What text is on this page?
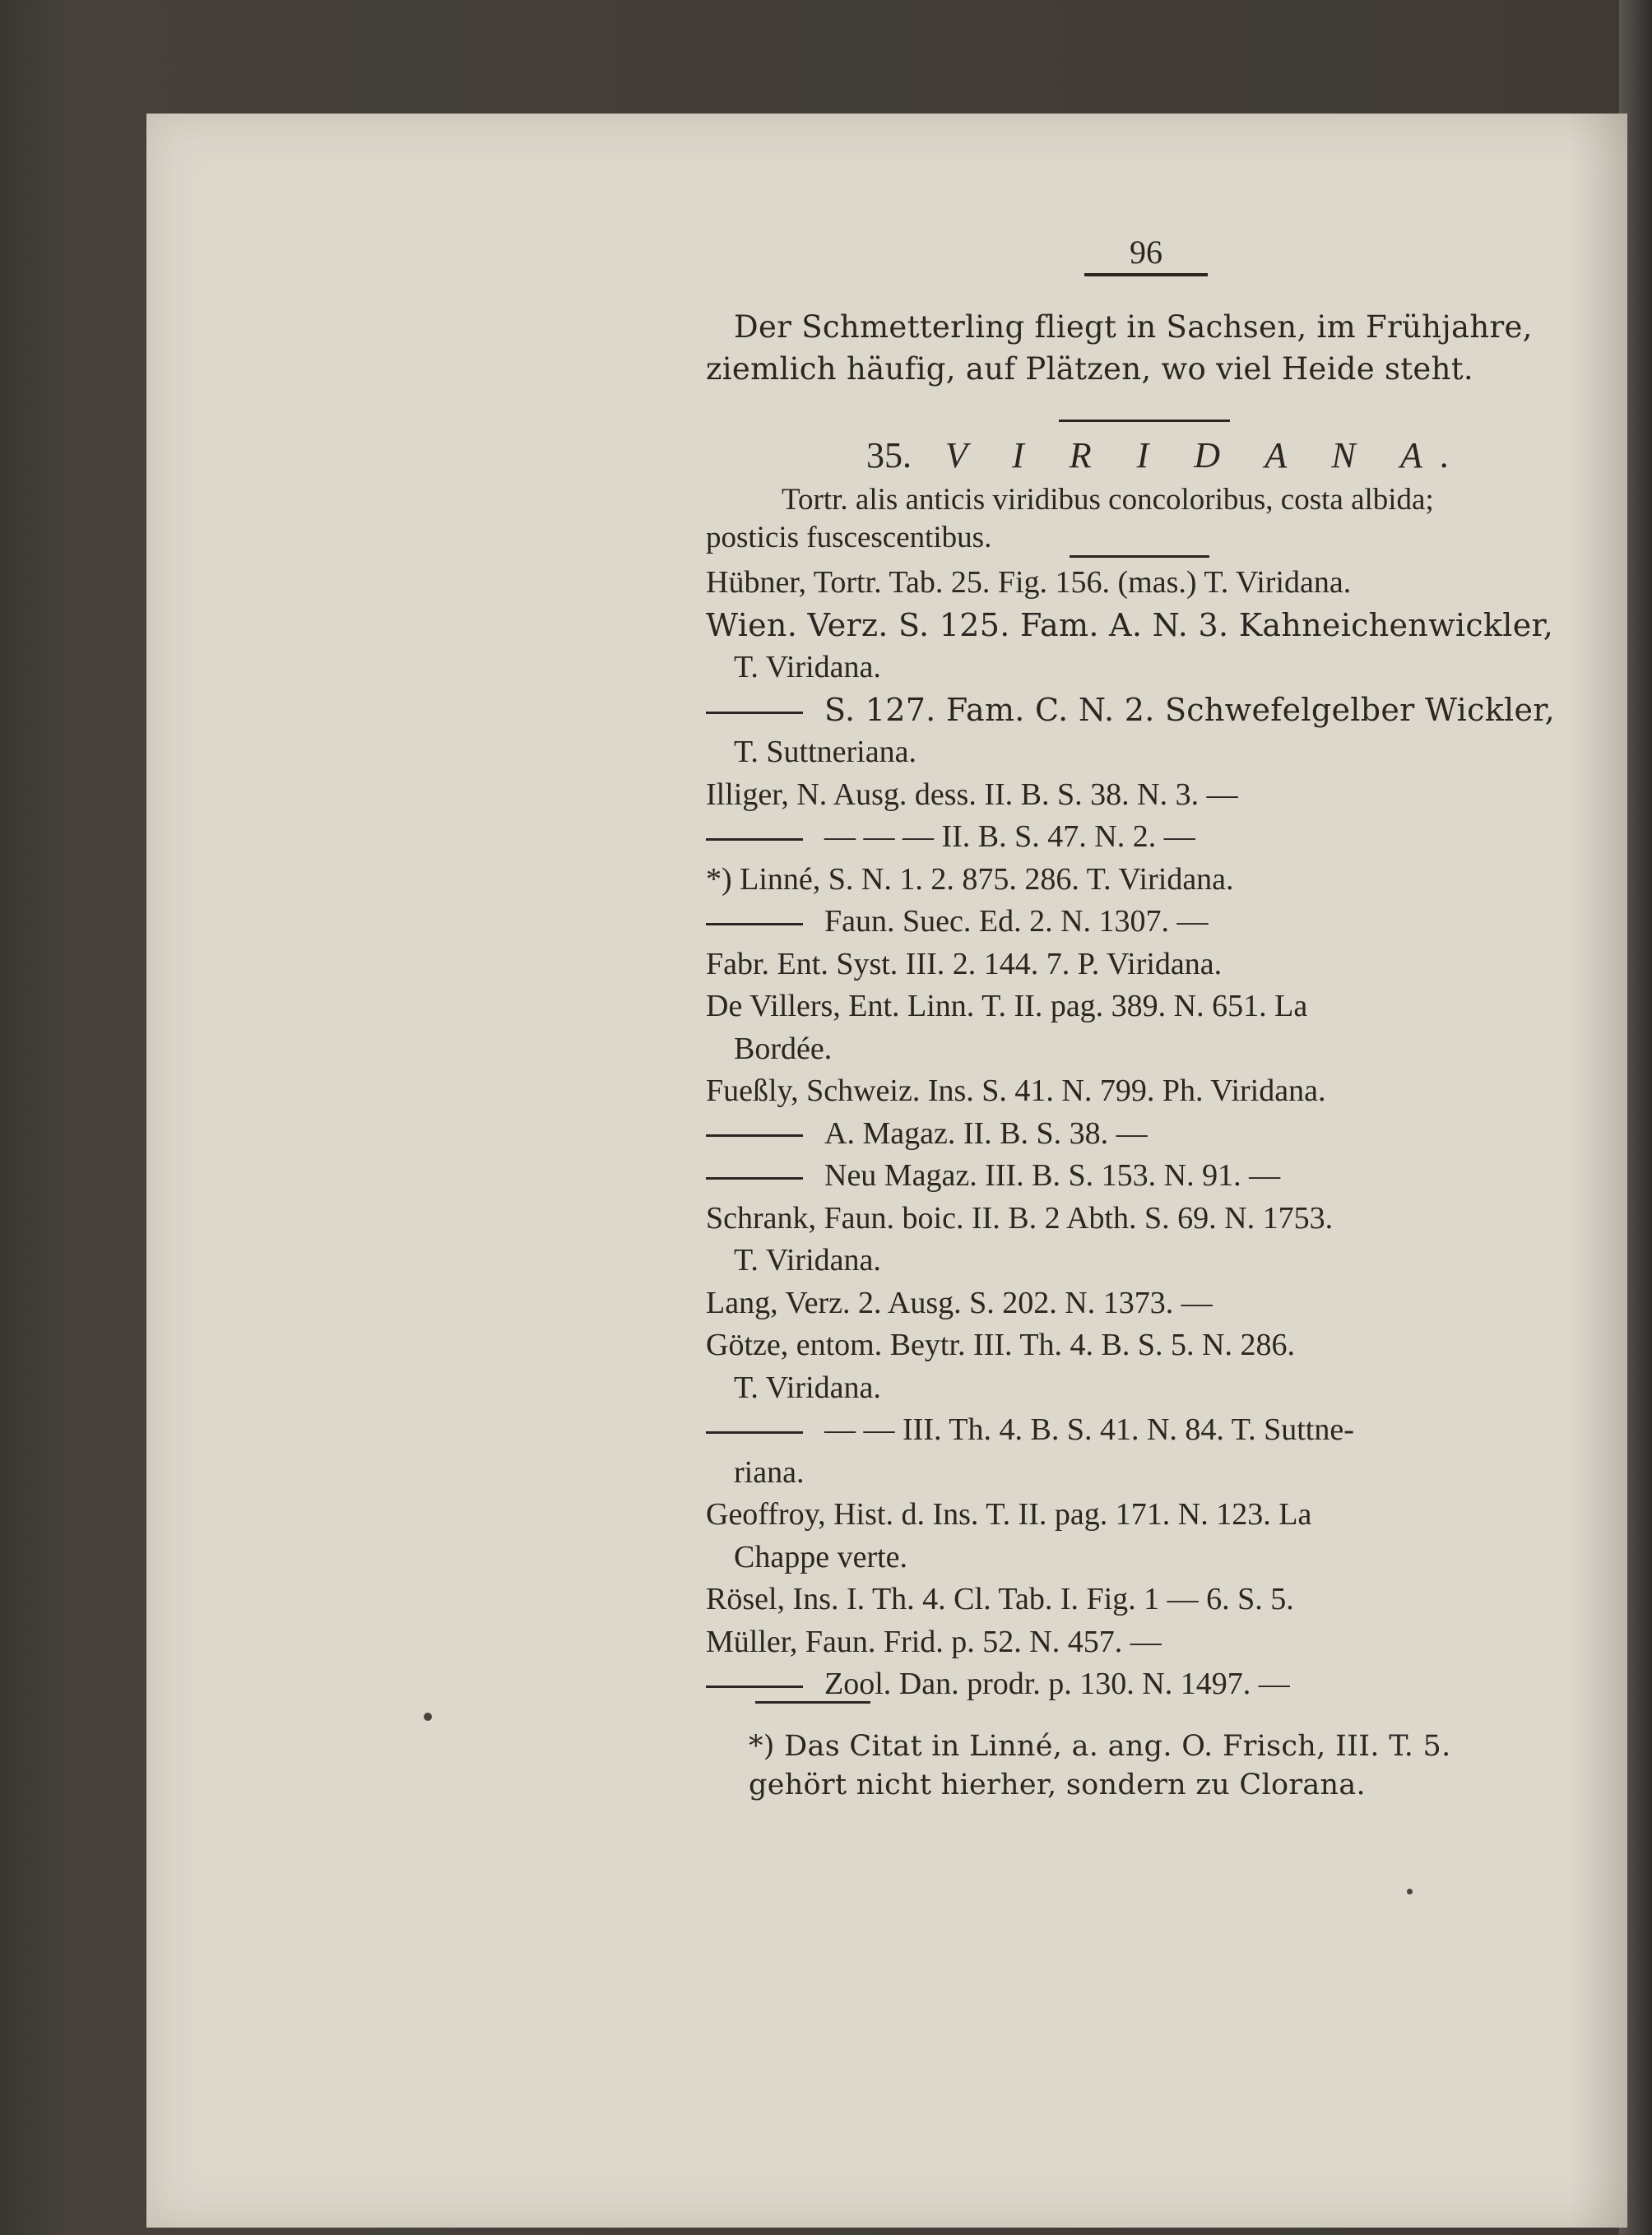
96
Der Schmetterling fliegt in Sachsen, im Frühjahre,
ziemlich häufig, auf Plätzen, wo viel Heide steht.
35. V I R I D A N A.
Tortr. alis anticis viridibus concoloribus, costa albida;
posticis fuscescentibus.
Hübner, Tortr. Tab. 25. Fig. 156. (mas.) T. Viridana.
Wien. Verz. S. 125. Fam. A. N. 3. Kahneichenwickler,
T. Viridana.
S. 127. Fam. C. N. 2. Schwefelgelber Wickler,
T. Suttneriana.
Illiger, N. Ausg. dess. II. B. S. 38. N. 3. —
— — — II. B. S. 47. N. 2. —
*) Linné, S. N. 1. 2. 875. 286. T. Viridana.
Faun. Suec. Ed. 2. N. 1307. —
Fabr. Ent. Syst. III. 2. 144. 7. P. Viridana.
De Villers, Ent. Linn. T. II. pag. 389. N. 651. La
Bordée.
Fueßly, Schweiz. Ins. S. 41. N. 799. Ph. Viridana.
A. Magaz. II. B. S. 38. —
Neu Magaz. III. B. S. 153. N. 91. —
Schrank, Faun. boic. II. B. 2 Abth. S. 69. N. 1753.
T. Viridana.
Lang, Verz. 2. Ausg. S. 202. N. 1373. —
Götze, entom. Beytr. III. Th. 4. B. S. 5. N. 286.
T. Viridana.
— — III. Th. 4. B. S. 41. N. 84. T. Suttne-
riana.
Geoffroy, Hist. d. Ins. T. II. pag. 171. N. 123. La
Chappe verte.
Rösel, Ins. I. Th. 4. Cl. Tab. I. Fig. 1 — 6. S. 5.
Müller, Faun. Frid. p. 52. N. 457. —
Zool. Dan. prodr. p. 130. N. 1497. —
*) Das Citat in Linné, a. ang. O. Frisch, III. T. 5.
gehört nicht hierher, sondern zu Clorana.
